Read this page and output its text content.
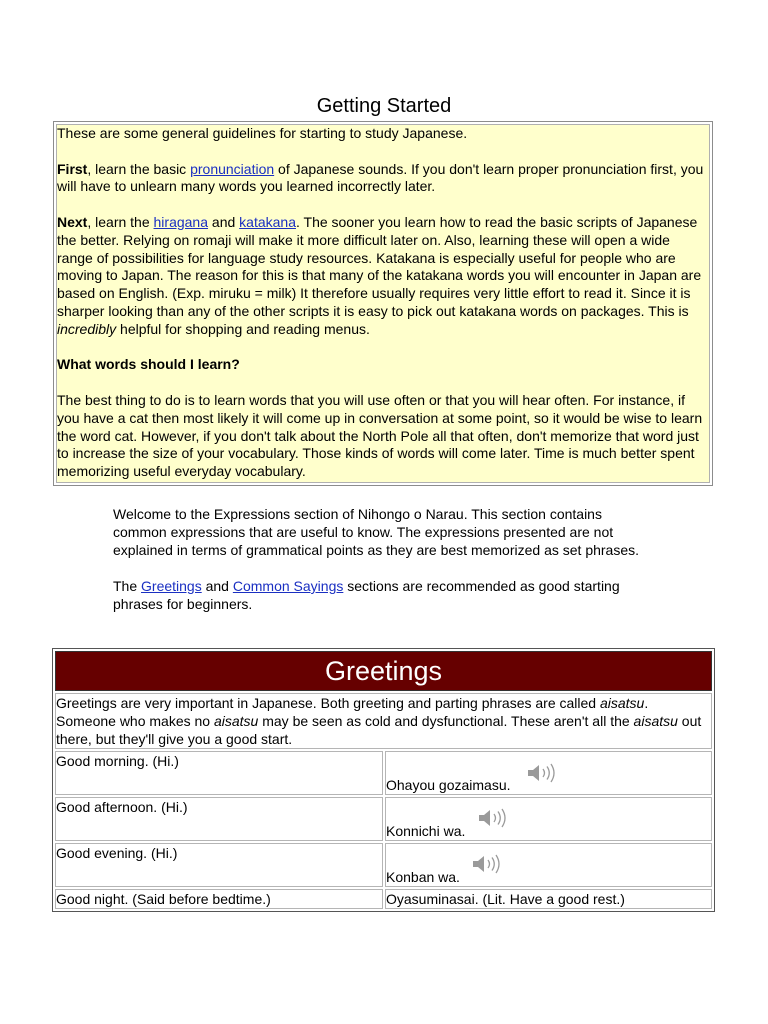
Getting Started

These are some general guidelines for starting to study Japanese.

First, learn the basic pronunciation of Japanese sounds. If you don't learn proper pronunciation first, you will have to unlearn many words you learned incorrectly later.

Next, learn the hiragana and katakana. The sooner you learn how to read the basic scripts of Japanese the better. Relying on romaji will make it more difficult later on. Also, learning these will open a wide range of possibilities for language study resources. Katakana is especially useful for people who are moving to Japan. The reason for this is that many of the katakana words you will encounter in Japan are based on English. (Exp. miruku = milk) It therefore usually requires very little effort to read it. Since it is sharper looking than any of the other scripts it is easy to pick out katakana words on packages. This is incredibly helpful for shopping and reading menus.

What words should I learn?

The best thing to do is to learn words that you will use often or that you will hear often. For instance, if you have a cat then most likely it will come up in conversation at some point, so it would be wise to learn the word cat. However, if you don't talk about the North Pole all that often, don't memorize that word just to increase the size of your vocabulary. Those kinds of words will come later. Time is much better spent memorizing useful everyday vocabulary.

Welcome to the Expressions section of Nihongo o Narau. This section contains common expressions that are useful to know. The expressions presented are not explained in terms of grammatical points as they are best memorized as set phrases.

The Greetings and Common Sayings sections are recommended as good starting phrases for beginners.

Greetings	
Greetings are very important in Japanese. Both greeting and parting phrases are called aisatsu. Someone who makes no aisatsu may be seen as cold and dysfunctional. These aren't all the aisatsu out there, but they'll give you a good start.	
Good morning. (Hi.)	Ohayou gozaimasu.

Good afternoon. (Hi.)	Konnichi wa.

Good evening. (Hi.)	Konban wa.

Good night. (Said before bedtime.)	Oyasuminasai. (Lit. Have a good rest.)
